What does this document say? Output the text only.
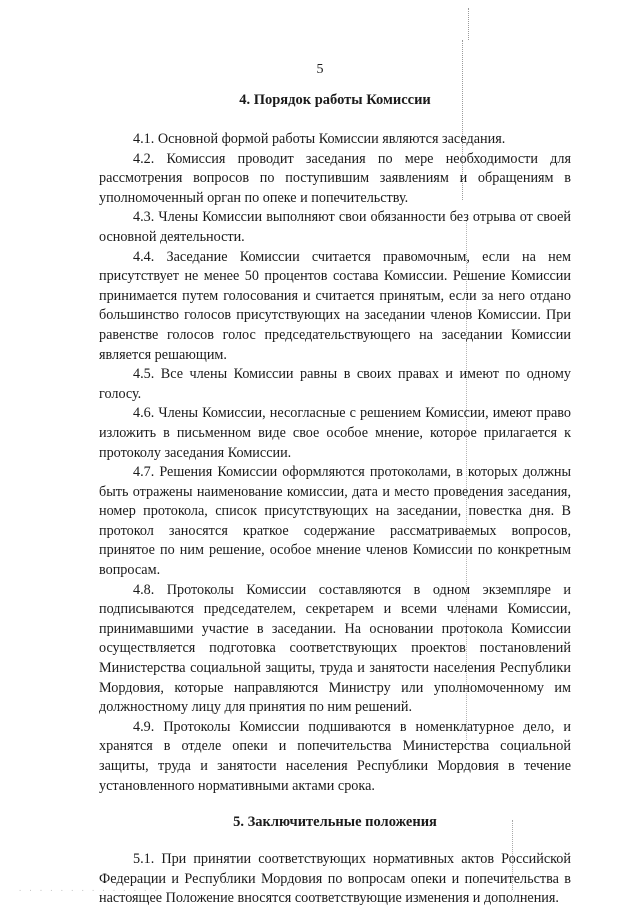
5
4. Порядок работы Комиссии

4.1. Основной формой работы Комиссии являются заседания.

4.2. Комиссия проводит заседания по мере необходимости для рассмотрения вопросов по поступившим заявлениям и обращениям в уполномоченный орган по опеке и попечительству.

4.3. Члены Комиссии выполняют свои обязанности без отрыва от своей основной деятельности.

4.4. Заседание Комиссии считается правомочным, если на нем присутствует не менее 50 процентов состава Комиссии. Решение Комиссии принимается путем голосования и считается принятым, если за него отдано большинство голосов присутствующих на заседании членов Комиссии. При равенстве голосов голос председательствующего на заседании Комиссии является решающим.

4.5. Все члены Комиссии равны в своих правах и имеют по одному голосу.

4.6. Члены Комиссии, несогласные с решением Комиссии, имеют право изложить в письменном виде свое особое мнение, которое прилагается к протоколу заседания Комиссии.

4.7. Решения Комиссии оформляются протоколами, в которых должны быть отражены наименование комиссии, дата и место проведения заседания, номер протокола, список присутствующих на заседании, повестка дня. В протокол заносятся краткое содержание рассматриваемых вопросов, принятое по ним решение, особое мнение членов Комиссии по конкретным вопросам.

4.8. Протоколы Комиссии составляются в одном экземпляре и подписываются председателем, секретарем и всеми членами Комиссии, принимавшими участие в заседании. На основании протокола Комиссии осуществляется подготовка соответствующих проектов постановлений Министерства социальной защиты, труда и занятости населения Республики Мордовия, которые направляются Министру или уполномоченному им должностному лицу для принятия по ним решений.

4.9. Протоколы Комиссии подшиваются в номенклатурное дело, и хранятся в отделе опеки и попечительства Министерства социальной защиты, труда и занятости населения Республики Мордовия в течение установленного нормативными актами срока.

5. Заключительные положения

5.1. При принятии соответствующих нормативных актов Российской Федерации и Республики Мордовия по вопросам опеки и попечительства в настоящее Положение вносятся соответствующие изменения и дополнения.

· · · · · · · · · · · · · ·
